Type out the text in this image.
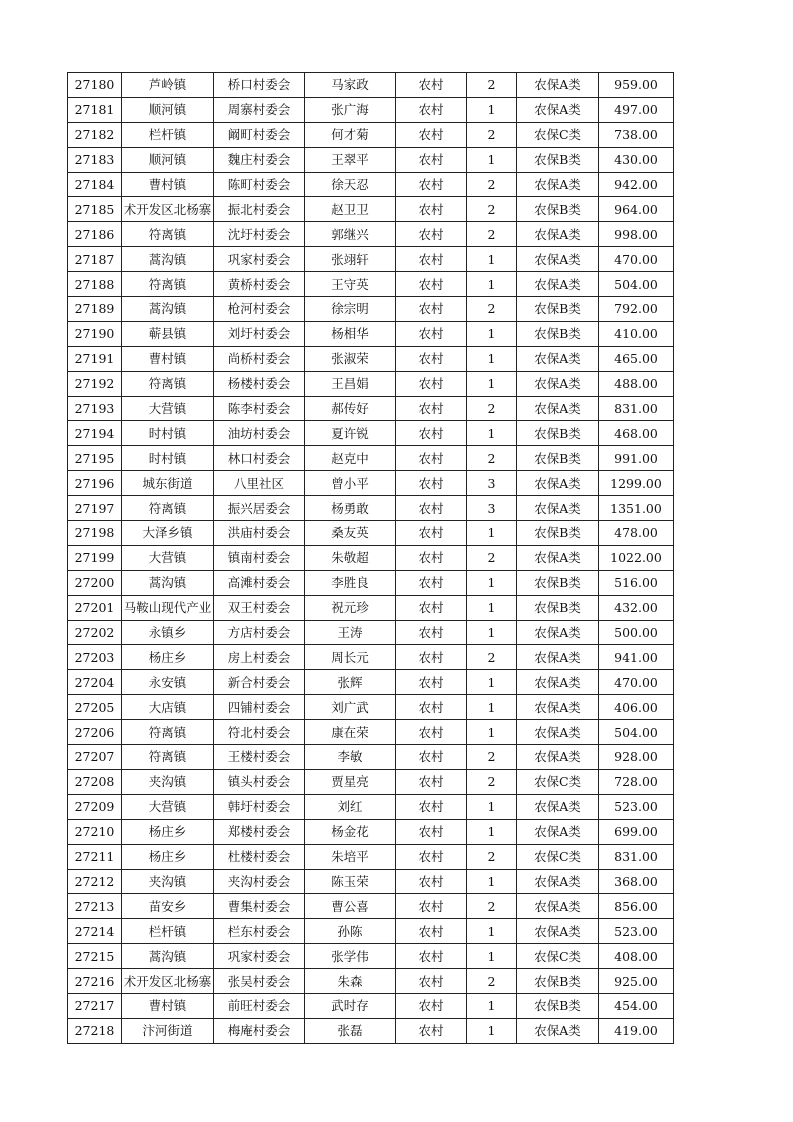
27180	芦岭镇	桥口村委会	马家政	农村	2	农保A类	959.00
27181	顺河镇	周寨村委会	张广海	农村	1	农保A类	497.00
27182	栏杆镇	阚町村委会	何才菊	农村	2	农保C类	738.00
27183	顺河镇	魏庄村委会	王翠平	农村	1	农保B类	430.00
27184	曹村镇	陈町村委会	徐天忍	农村	2	农保A类	942.00
27185	术开发区北杨寨	振北村委会	赵卫卫	农村	2	农保B类	964.00
27186	符离镇	沈圩村委会	郭继兴	农村	2	农保A类	998.00
27187	蒿沟镇	巩家村委会	张翊轩	农村	1	农保A类	470.00
27188	符离镇	黄桥村委会	王守英	农村	1	农保A类	504.00
27189	蒿沟镇	枪河村委会	徐宗明	农村	2	农保B类	792.00
27190	蕲县镇	刘圩村委会	杨相华	农村	1	农保B类	410.00
27191	曹村镇	尚桥村委会	张淑荣	农村	1	农保A类	465.00
27192	符离镇	杨楼村委会	王昌娟	农村	1	农保A类	488.00
27193	大营镇	陈李村委会	郝传好	农村	2	农保A类	831.00
27194	时村镇	油坊村委会	夏许锐	农村	1	农保B类	468.00
27195	时村镇	林口村委会	赵克中	农村	2	农保B类	991.00
27196	城东街道	八里社区	曾小平	农村	3	农保A类	1299.00
27197	符离镇	振兴居委会	杨勇敢	农村	3	农保A类	1351.00
27198	大泽乡镇	洪庙村委会	桑友英	农村	1	农保B类	478.00
27199	大营镇	镇南村委会	朱敬超	农村	2	农保A类	1022.00
27200	蒿沟镇	高滩村委会	李胜良	农村	1	农保B类	516.00
27201	马鞍山现代产业	双王村委会	祝元珍	农村	1	农保B类	432.00
27202	永镇乡	方店村委会	王涛	农村	1	农保A类	500.00
27203	杨庄乡	房上村委会	周长元	农村	2	农保A类	941.00
27204	永安镇	新合村委会	张辉	农村	1	农保A类	470.00
27205	大店镇	四铺村委会	刘广武	农村	1	农保A类	406.00
27206	符离镇	符北村委会	康在荣	农村	1	农保A类	504.00
27207	符离镇	王楼村委会	李敏	农村	2	农保A类	928.00
27208	夹沟镇	镇头村委会	贾星亮	农村	2	农保C类	728.00
27209	大营镇	韩圩村委会	刘红	农村	1	农保A类	523.00
27210	杨庄乡	郑楼村委会	杨金花	农村	1	农保A类	699.00
27211	杨庄乡	杜楼村委会	朱培平	农村	2	农保C类	831.00
27212	夹沟镇	夹沟村委会	陈玉荣	农村	1	农保A类	368.00
27213	苗安乡	曹集村委会	曹公喜	农村	2	农保A类	856.00
27214	栏杆镇	栏东村委会	孙陈	农村	1	农保A类	523.00
27215	蒿沟镇	巩家村委会	张学伟	农村	1	农保C类	408.00
27216	术开发区北杨寨	张吴村委会	朱森	农村	2	农保B类	925.00
27217	曹村镇	前旺村委会	武时存	农村	1	农保B类	454.00
27218	汴河街道	梅庵村委会	张磊	农村	1	农保A类	419.00
